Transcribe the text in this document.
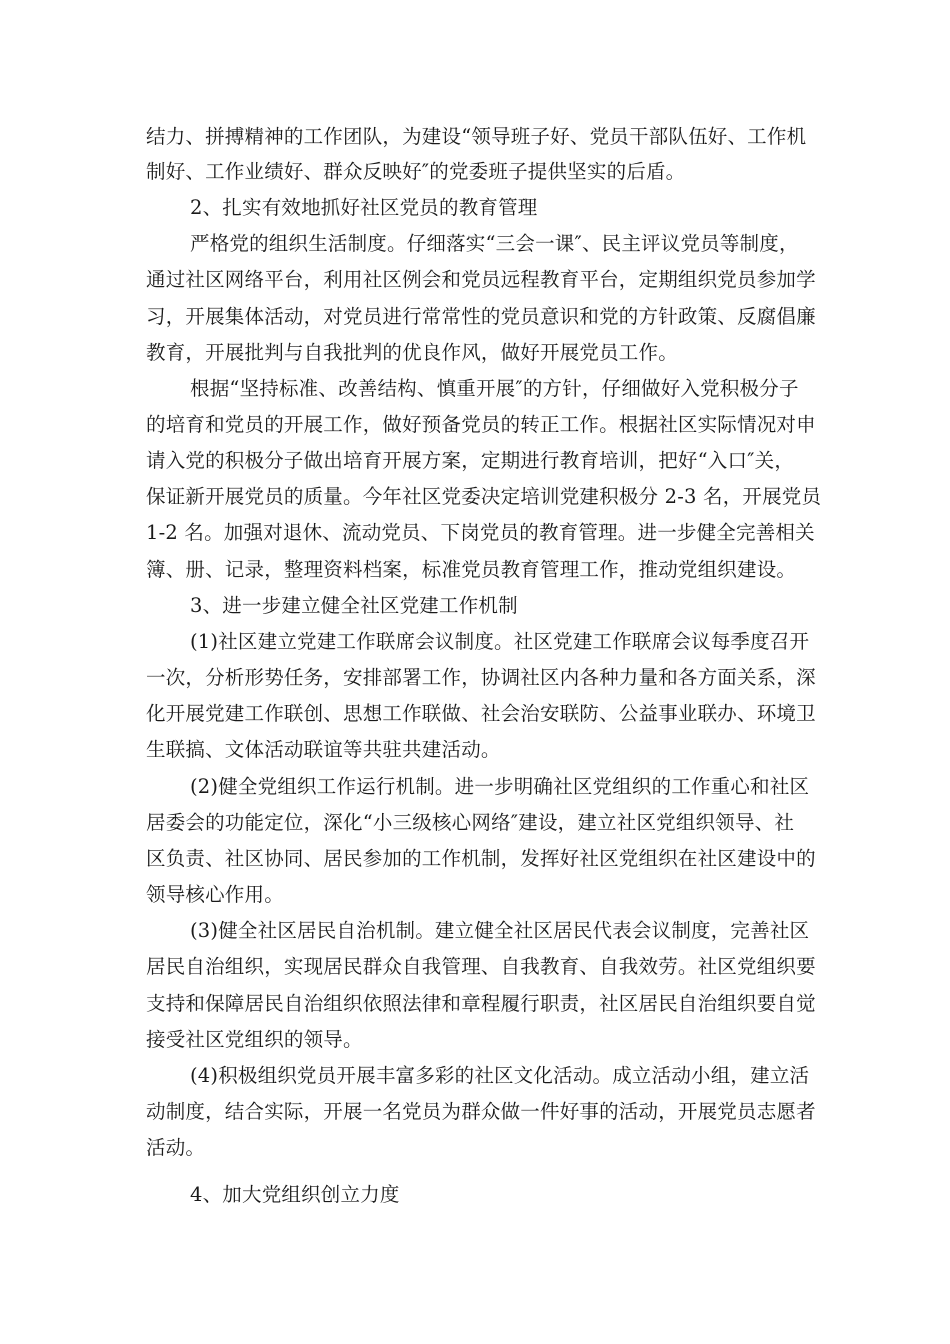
结力、拼搏精神的工作团队，为建设“领导班子好、党员干部队伍好、工作机
制好、工作业绩好、群众反映好″的党委班子提供坚实的后盾。
2、扎实有效地抓好社区党员的教育管理
严格党的组织生活制度。仔细落实“三会一课″、民主评议党员等制度，
通过社区网络平台，利用社区例会和党员远程教育平台，定期组织党员参加学
习，开展集体活动，对党员进行常常性的党员意识和党的方针政策、反腐倡廉
教育，开展批判与自我批判的优良作风，做好开展党员工作。
根据“坚持标准、改善结构、慎重开展″的方针，仔细做好入党积极分子
的培育和党员的开展工作，做好预备党员的转正工作。根据社区实际情况对申
请入党的积极分子做出培育开展方案，定期进行教育培训，把好“入口″关，
保证新开展党员的质量。今年社区党委决定培训党建积极分 2-3 名，开展党员
1-2 名。加强对退休、流动党员、下岗党员的教育管理。进一步健全完善相关
簿、册、记录，整理资料档案，标准党员教育管理工作，推动党组织建设。
3、进一步建立健全社区党建工作机制
(1)社区建立党建工作联席会议制度。社区党建工作联席会议每季度召开
一次，分析形势任务，安排部署工作，协调社区内各种力量和各方面关系，深
化开展党建工作联创、思想工作联做、社会治安联防、公益事业联办、环境卫
生联搞、文体活动联谊等共驻共建活动。
(2)健全党组织工作运行机制。进一步明确社区党组织的工作重心和社区
居委会的功能定位，深化“小三级核心网络″建设，建立社区党组织领导、社
区负责、社区协同、居民参加的工作机制，发挥好社区党组织在社区建设中的
领导核心作用。
(3)健全社区居民自治机制。建立健全社区居民代表会议制度，完善社区
居民自治组织，实现居民群众自我管理、自我教育、自我效劳。社区党组织要
支持和保障居民自治组织依照法律和章程履行职责，社区居民自治组织要自觉
接受社区党组织的领导。
(4)积极组织党员开展丰富多彩的社区文化活动。成立活动小组，建立活
动制度，结合实际，开展一名党员为群众做一件好事的活动，开展党员志愿者
活动。
4、加大党组织创立力度
